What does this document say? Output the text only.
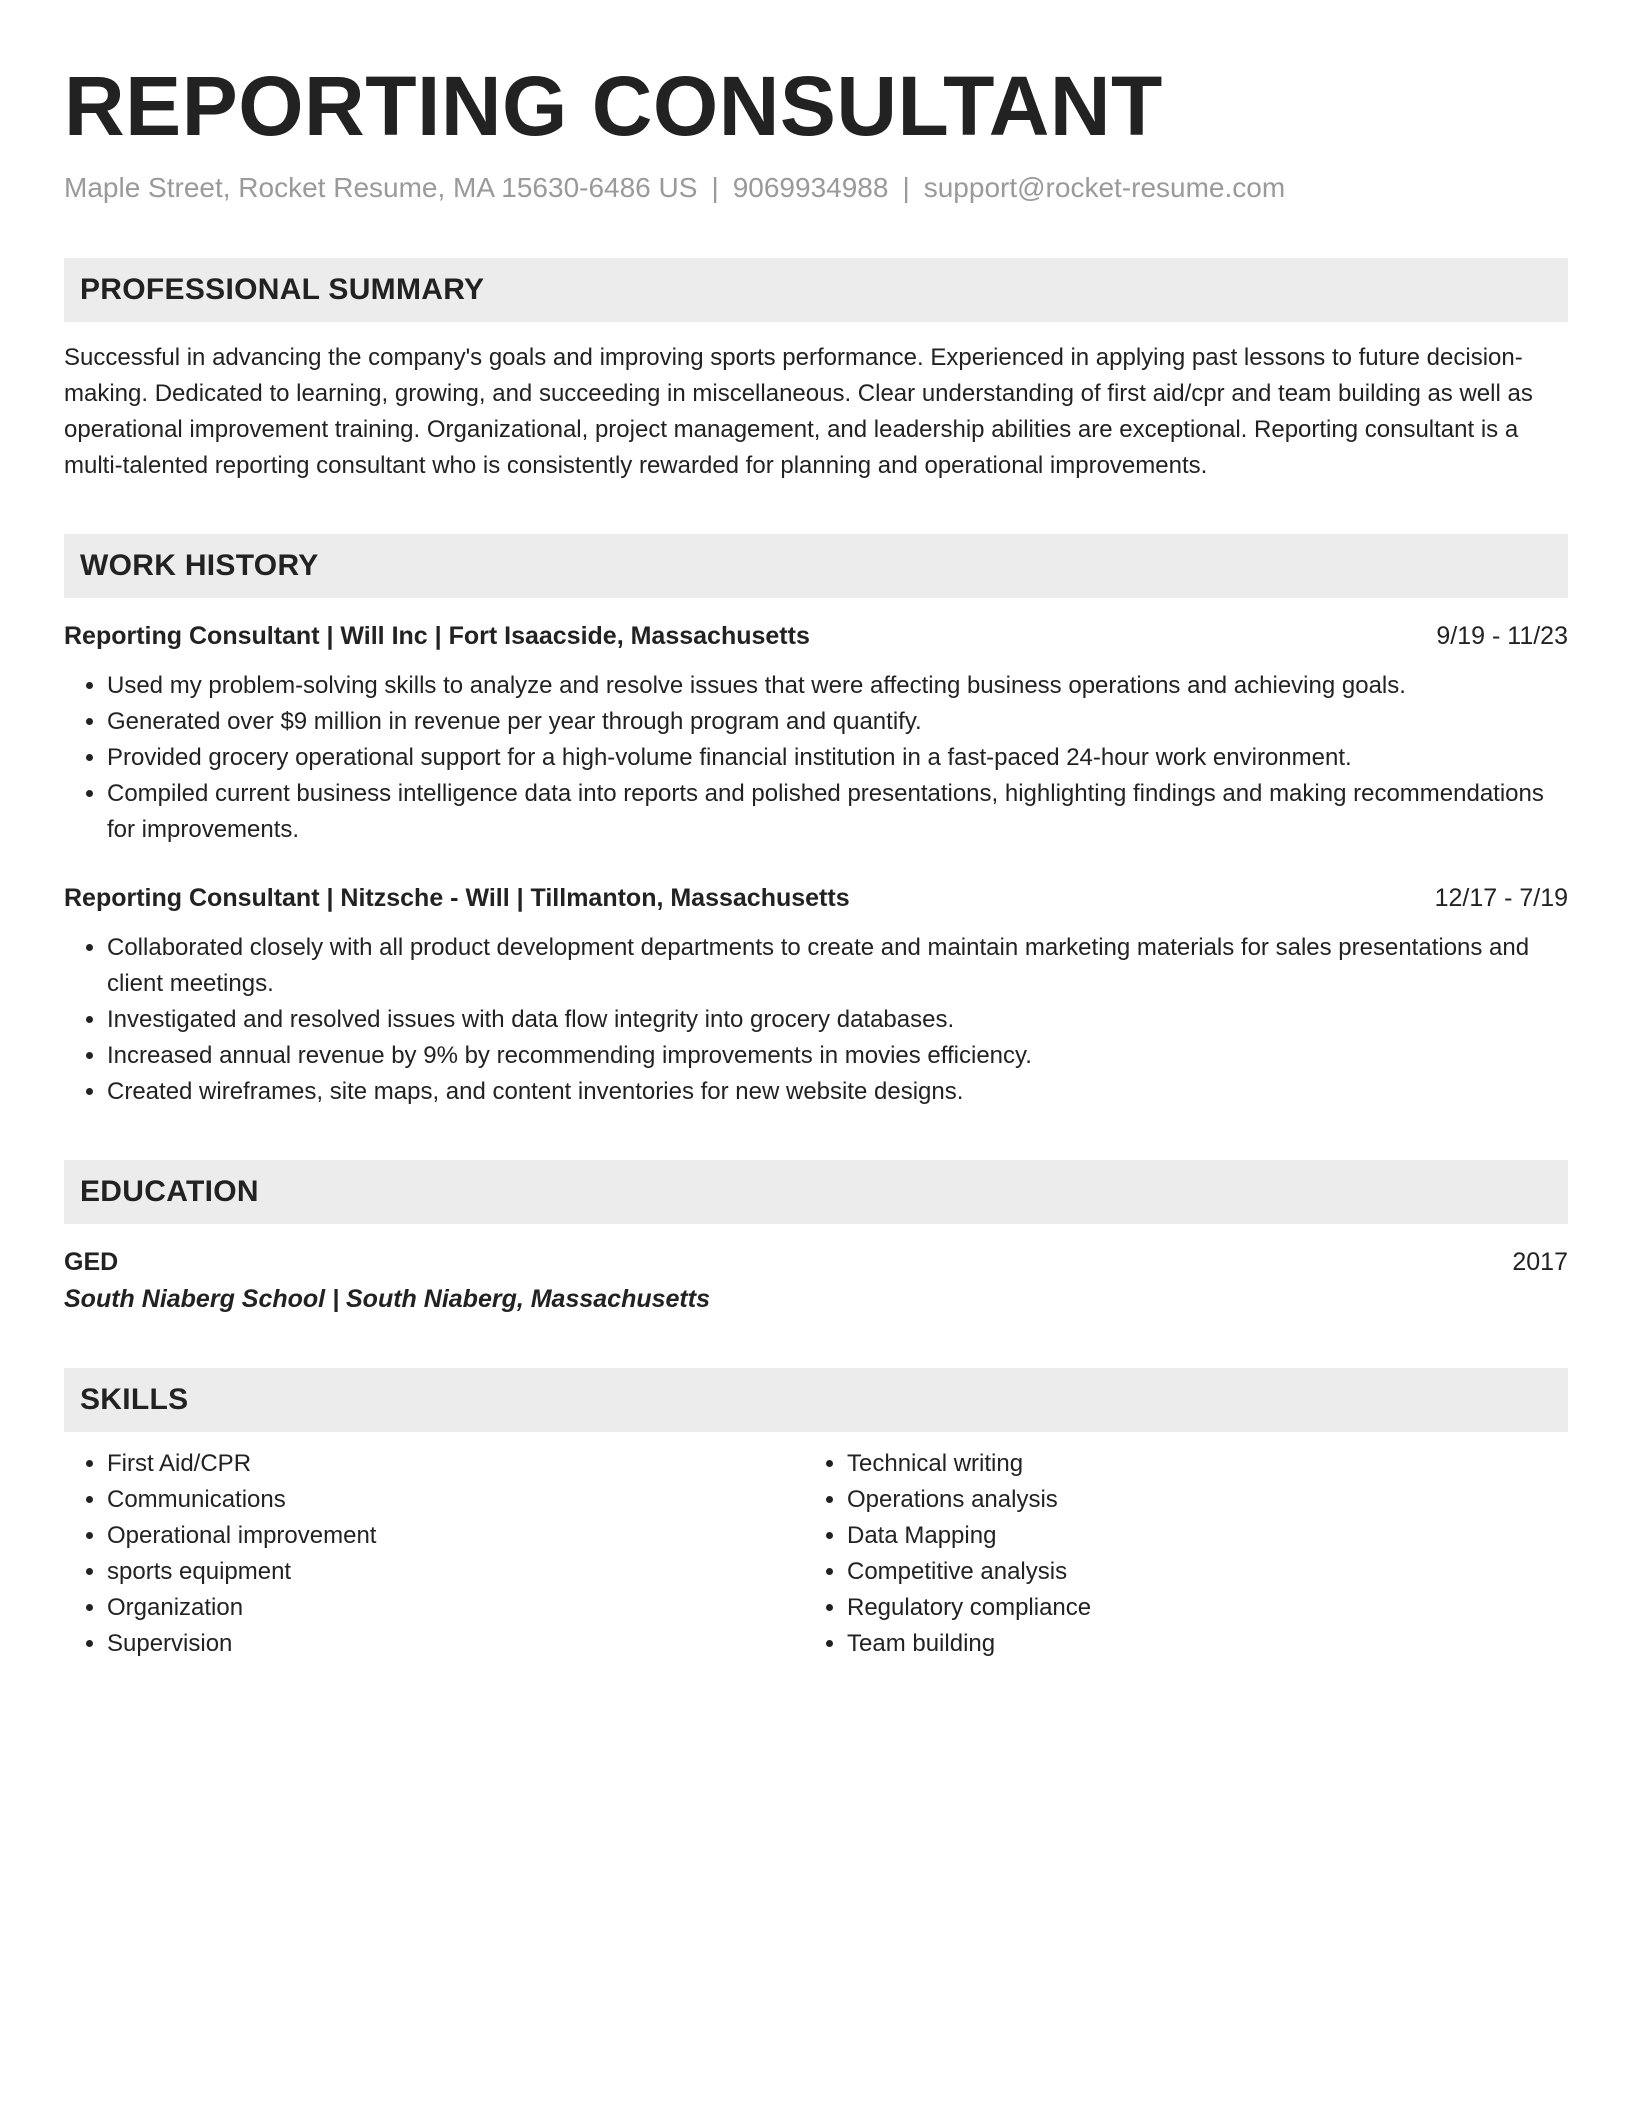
REPORTING CONSULTANT
Maple Street, Rocket Resume, MA 15630-6486 US | 9069934988 | support@rocket-resume.com
PROFESSIONAL SUMMARY
Successful in advancing the company's goals and improving sports performance. Experienced in applying past lessons to future decision-making. Dedicated to learning, growing, and succeeding in miscellaneous. Clear understanding of first aid/cpr and team building as well as operational improvement training. Organizational, project management, and leadership abilities are exceptional. Reporting consultant is a multi-talented reporting consultant who is consistently rewarded for planning and operational improvements.
WORK HISTORY
Reporting Consultant | Will Inc | Fort Isaacside, Massachusetts	9/19 - 11/23
• Used my problem-solving skills to analyze and resolve issues that were affecting business operations and achieving goals.
• Generated over $9 million in revenue per year through program and quantify.
• Provided grocery operational support for a high-volume financial institution in a fast-paced 24-hour work environment.
• Compiled current business intelligence data into reports and polished presentations, highlighting findings and making recommendations for improvements.
Reporting Consultant | Nitzsche - Will | Tillmanton, Massachusetts	12/17 - 7/19
• Collaborated closely with all product development departments to create and maintain marketing materials for sales presentations and client meetings.
• Investigated and resolved issues with data flow integrity into grocery databases.
• Increased annual revenue by 9% by recommending improvements in movies efficiency.
• Created wireframes, site maps, and content inventories for new website designs.
EDUCATION
GED	2017
South Niaberg School | South Niaberg, Massachusetts
SKILLS
• First Aid/CPR
• Communications
• Operational improvement
• sports equipment
• Organization
• Supervision
• Technical writing
• Operations analysis
• Data Mapping
• Competitive analysis
• Regulatory compliance
• Team building
